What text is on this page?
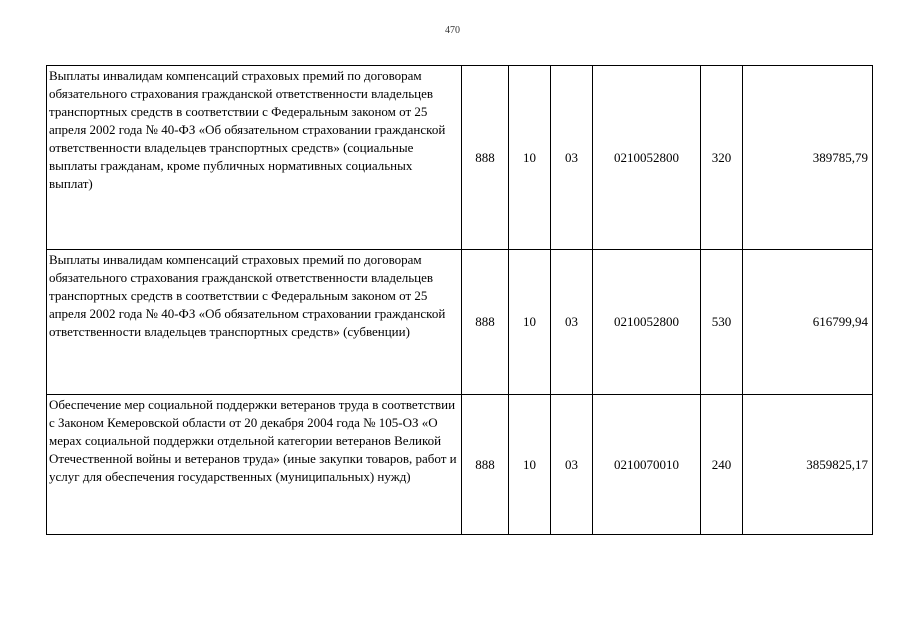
470
Выплаты инвалидам компенсаций страховых премий по договорам обязательного страхования гражданской ответственности владельцев транспортных средств в соответствии с Федеральным законом от 25 апреля 2002 года № 40-ФЗ «Об обязательном страховании гражданской ответственности владельцев транспортных средств» (социальные выплаты гражданам, кроме публичных нормативных социальных выплат)	888	10	03	0210052800	320	389785,79
Выплаты инвалидам компенсаций страховых премий по договорам обязательного страхования гражданской ответственности владельцев транспортных средств в соответствии с Федеральным законом от 25 апреля 2002 года № 40-ФЗ «Об обязательном страховании гражданской ответственности владельцев транспортных средств» (субвенции)	888	10	03	0210052800	530	616799,94
Обеспечение мер социальной поддержки ветеранов труда в соответствии с Законом Кемеровской области от 20 декабря 2004 года № 105-ОЗ «О мерах социальной поддержки отдельной категории ветеранов Великой Отечественной войны и ветеранов труда» (иные закупки товаров, работ и услуг для обеспечения государственных (муниципальных) нужд)	888	10	03	0210070010	240	3859825,17
